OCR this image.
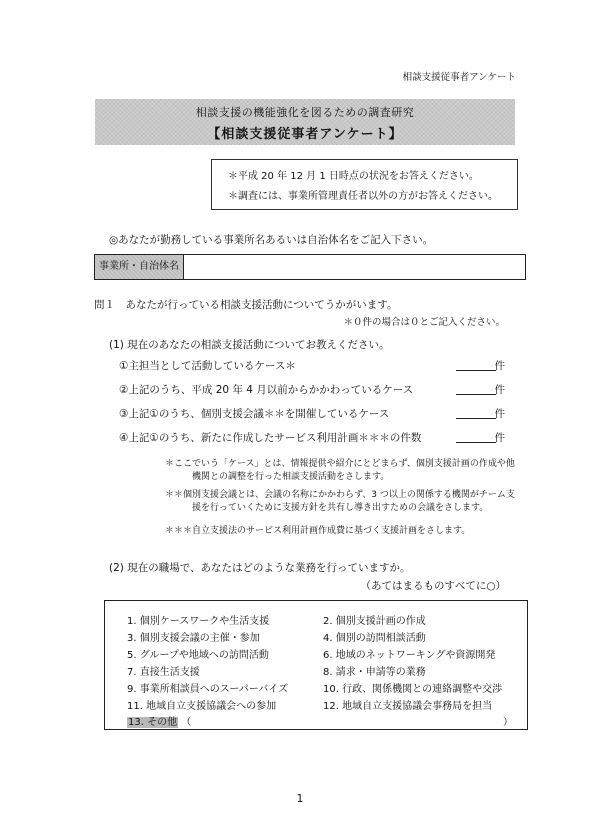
相談支援従事者アンケート
相談支援の機能強化を図るための調査研究
【相談支援従事者アンケート】
＊平成 20 年 12 月 1 日時点の状況をお答えください。
＊調査には、事業所管理責任者以外の方がお答えください。
◎あなたが勤務している事業所名あるいは自治体名をご記入下さい。
事業所・自治体名
問１　あなたが行っている相談支援活動についてうかがいます。
＊０件の場合は０とご記入ください。
(1) 現在のあなたの相談支援活動についてお教えください。
①主担当として活動しているケース＊	件
②上記のうち、平成 20 年 4 月以前からかかわっているケース	件
③上記①のうち、個別支援会議＊＊を開催しているケース	件
④上記①のうち、新たに作成したサービス利用計画＊＊＊の件数	件
＊ここでいう「ケース」とは、情報提供や紹介にとどまらず、個別支援計画の作成や他機関との調整を行った相談支援活動をさします。
＊＊個別支援会議とは、会議の名称にかかわらず、3 つ以上の関係する機関がチーム支援を行っていくために支援方針を共有し導き出すための会議をさします。
＊＊＊自立支援法のサービス利用計画作成費に基づく支援計画をさします。
(2) 現在の職場で、あなたはどのような業務を行っていますか。
（あてはまるものすべてに○）
1. 個別ケースワークや生活支援	2. 個別支援計画の作成
3. 個別支援会議の主催・参加	4. 個別の訪問相談活動
5. グループや地域への訪問活動	6. 地域のネットワーキングや資源開発
7. 直接生活支援	8. 請求・申請等の業務
9. 事業所相談員へのスーパーバイズ	10. 行政、関係機関との連絡調整や交渉
11. 地域自立支援協議会への参加	12. 地域自立支援協議会事務局を担当
13. その他 （	）
1
